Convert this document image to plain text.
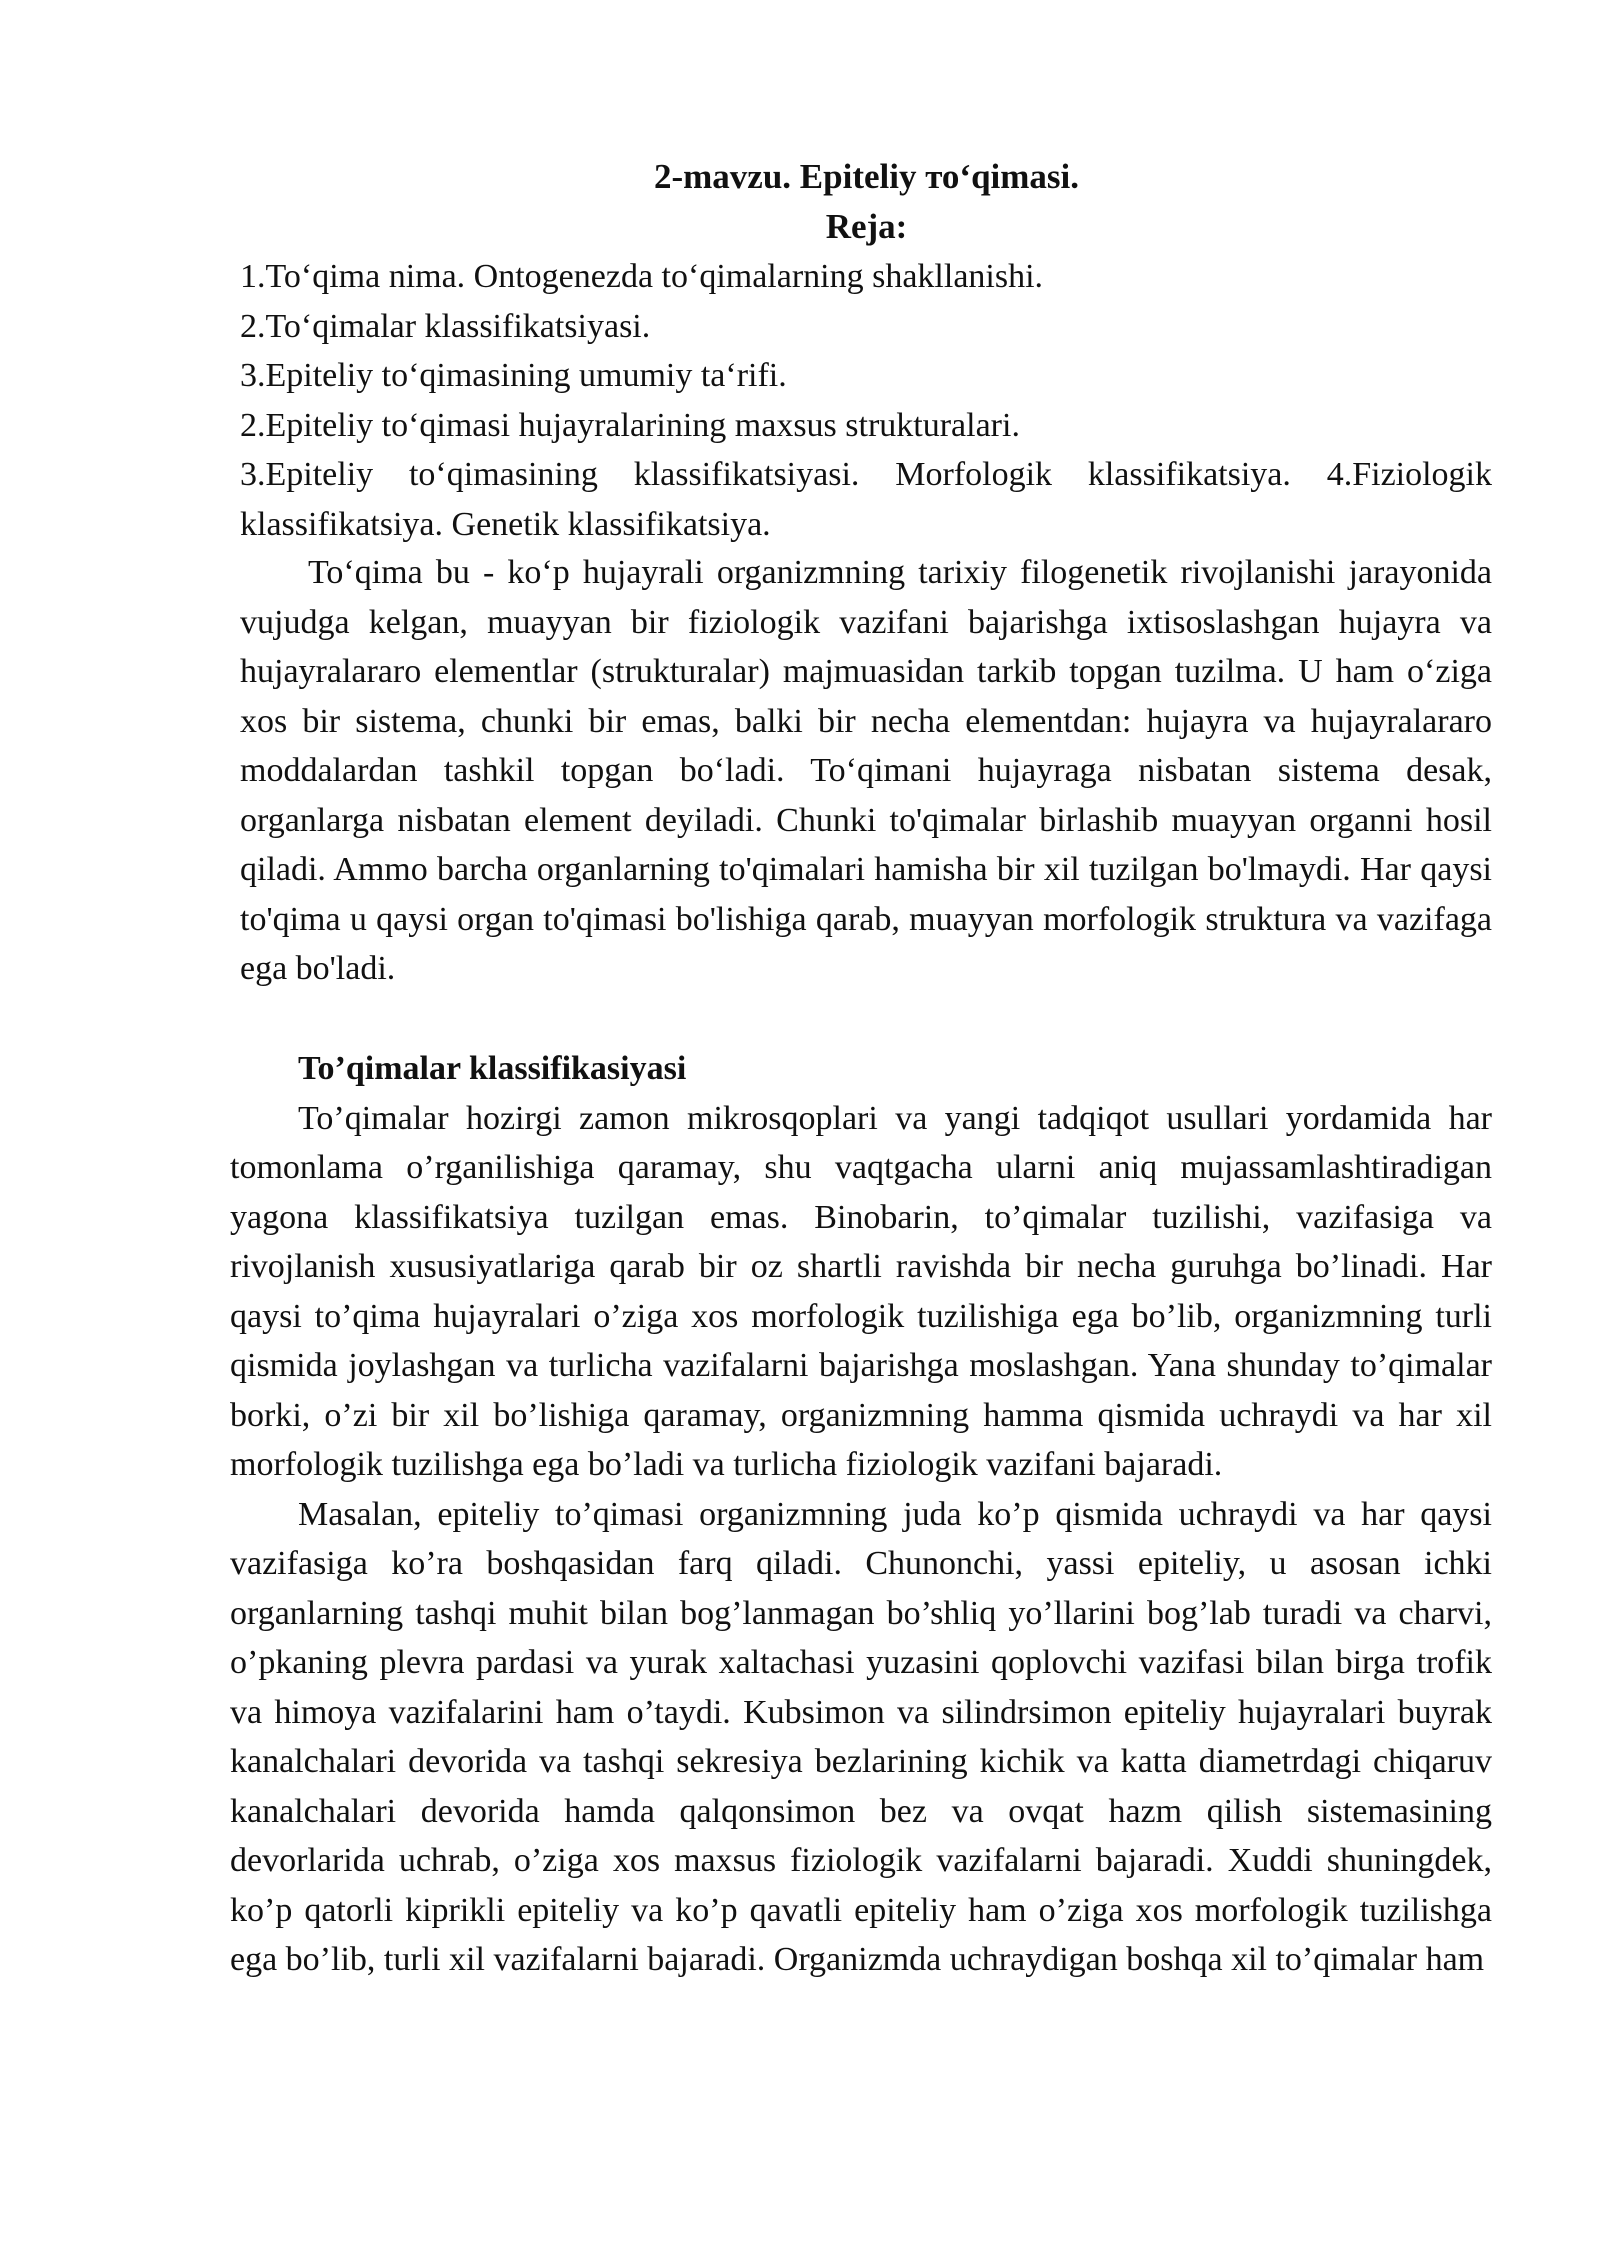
2-mavzu. Epiteliy тоʻqimasi.
Reja:

1.Toʻqima nima. Ontogenezda toʻqimalarning shakllanishi.

2.Toʻqimalar klassifikatsiyasi.

3.Epiteliy toʻqimasining umumiy taʻrifi.

2.Epiteliy toʻqimasi hujayralarining maxsus strukturalari.

3.Epiteliy toʻqimasining klassifikatsiyasi. Morfologik klassifikatsiya. 4.Fiziologik klassifikatsiya. Genetik klassifikatsiya.

Toʻqima bu - koʻp hujayrali organizmning tarixiy filogenetik rivojlanishi jarayonida vujudga kelgan, muayyan bir fiziologik vazifani bajarishga ixtisoslashgan hujayra va hujayralararo elementlar (strukturalar) majmuasidan tarkib topgan tuzilma. U ham oʻziga xos bir sistema, chunki bir emas, balki bir necha elementdan: hujayra va hujayralararo moddalardan tashkil topgan boʻladi. Toʻqimani hujayraga nisbatan sistema desak, organlarga nisbatan element deyiladi. Chunki to'qimalar birlashib muayyan organni hosil qiladi. Ammo barcha organlarning to'qimalari hamisha bir xil tuzilgan bo'lmaydi. Har qaysi to'qima u qaysi organ to'qimasi bo'lishiga qarab, muayyan morfologik struktura va vazifaga ega bo'ladi.

To’qimalar klassifikasiyasi

To’qimalar hozirgi zamon mikrosqoplari va yangi tadqiqot usullari yordamida har tomonlama o’rganilishiga qaramay, shu vaqtgacha ularni aniq mujassamlashtiradigan yagona klassifikatsiya tuzilgan emas. Binobarin, to’qimalar tuzilishi, vazifasiga va rivojlanish xususiyatlariga qarab bir oz shartli ravishda bir necha guruhga bo’linadi. Har qaysi to’qima hujayralari o’ziga xos morfologik tuzilishiga ega bo’lib, organizmning turli qismida joylashgan va turlicha vazifalarni bajarishga moslashgan. Yana shunday to’qimalar borki, o’zi bir xil bo’lishiga qaramay, organizmning hamma qismida uchraydi va har xil morfologik tuzilishga ega bo’ladi va turlicha fiziologik vazifani bajaradi.

Masalan, epiteliy to’qimasi organizmning juda ko’p qismida uchraydi va har qaysi vazifasiga ko’ra boshqasidan farq qiladi. Chunonchi, yassi epiteliy, u asosan ichki organlarning tashqi muhit bilan bog’lanmagan bo’shliq yo’llarini bog’lab turadi va charvi, o’pkaning plevra pardasi va yurak xaltachasi yuzasini qoplovchi vazifasi bilan birga trofik va himoya vazifalarini ham o’taydi. Kubsimon va silindrsimon epiteliy hujayralari buyrak kanalchalari devorida va tashqi sekresiya bezlarining kichik va katta diametrdagi chiqaruv kanalchalari devorida hamda qalqonsimon bez va ovqat hazm qilish sistemasining devorlarida uchrab, o’ziga xos maxsus fiziologik vazifalarni bajaradi. Xuddi shuningdek, ko’p qatorli kiprikli epiteliy va ko’p qavatli epiteliy ham o’ziga xos morfologik tuzilishga ega bo’lib, turli xil vazifalarni bajaradi. Organizmda uchraydigan boshqa xil to’qimalar ham
